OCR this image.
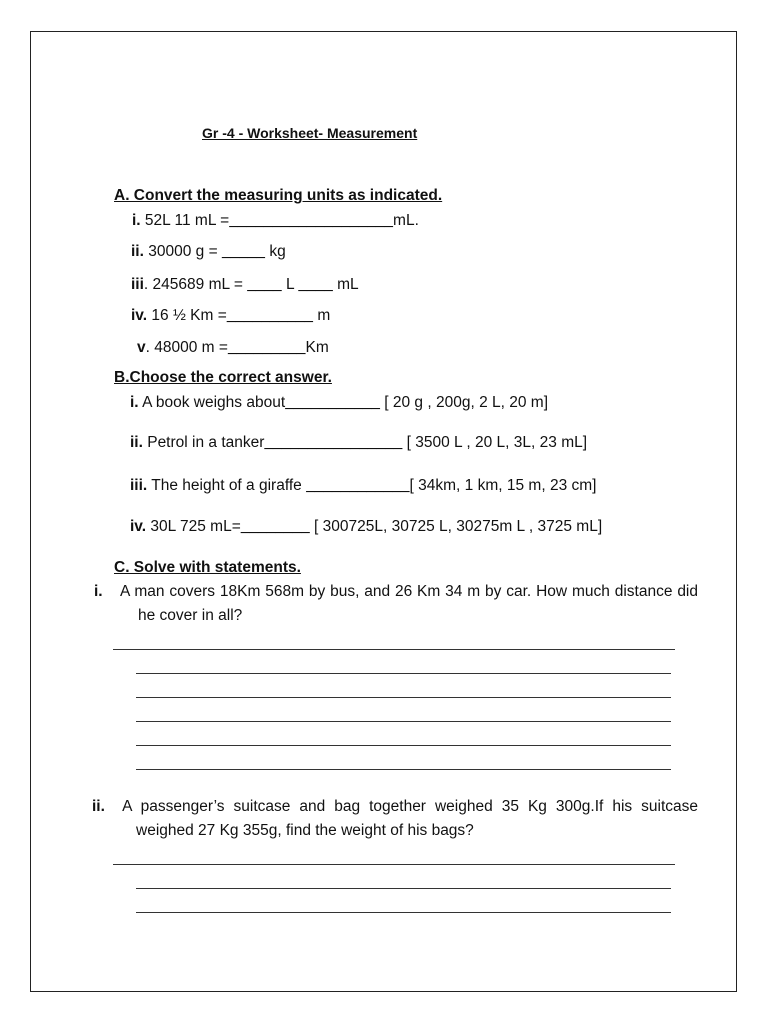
Gr -4 - Worksheet- Measurement
A. Convert the measuring units as indicated.
i. 52L 11 mL =___________________mL.
ii. 30000 g = _____ kg
iii. 245689 mL = ____ L ____ mL
iv. 16 ½ Km =__________ m
v. 48000 m =_________Km
B.Choose the correct answer.
i. A book weighs about___________ [ 20 g , 200g, 2 L, 20 m]
ii. Petrol in a tanker________________ [ 3500 L , 20 L, 3L, 23 mL]
iii. The height of a giraffe ____________[ 34km, 1 km, 15 m, 23 cm]
iv. 30L 725 mL=________ [ 300725L, 30725 L, 30275m L , 3725 mL]
C. Solve with statements.
i. A man covers 18Km 568m by bus, and 26 Km 34 m by car. How much distance did he cover in all?
ii. A passenger’s suitcase and bag together weighed 35 Kg 300g.If his suitcase weighed 27 Kg 355g, find the weight of his bags?
